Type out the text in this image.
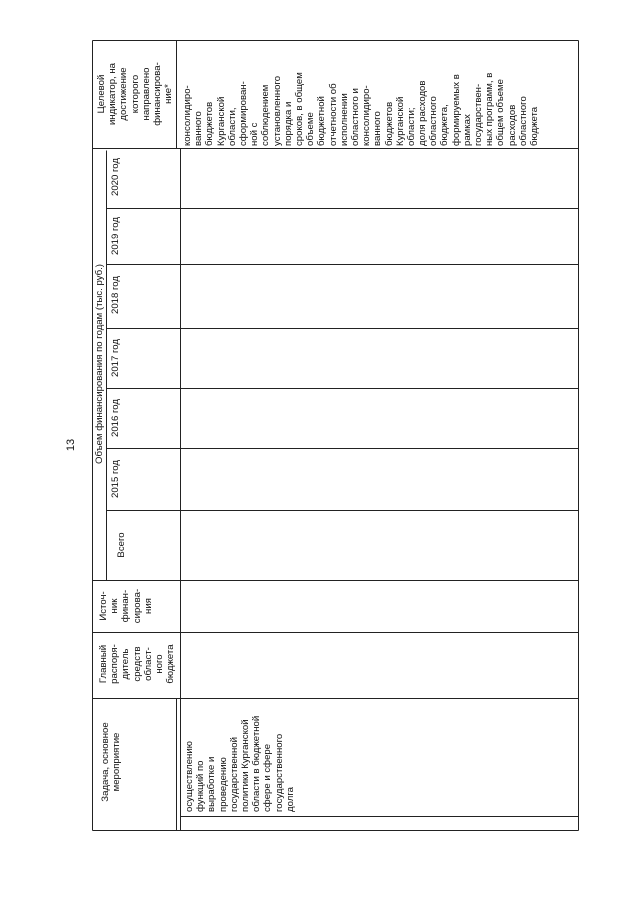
13
Задача, основное мероприятие
Главный распоря- дитель средств област- ного бюджета
Источ- ник финан- сирова- ния
Объем финансирования по годам (тыс. руб.)
Всего
2015 год
2016 год
2017 год
2018 год
2019 год
2020 год
Целевой индикатор, на достижение которого направлено финансирова- ние*
осуществлению функций по выработке и проведению государственной политики Курганской области в бюджетной сфере и сфере государственного долга
консолидиро- ванного бюджетов Курганской области, сформирован- ной с соблюдением установленного порядка и сроков, в общем объеме бюджетной отчетности об исполнении областного и консолидиро- ванного бюджетов Курганской области; доля расходов областного бюджета, формируемых в рамках государствен- ных программ, в общем объеме расходов областного бюджета
